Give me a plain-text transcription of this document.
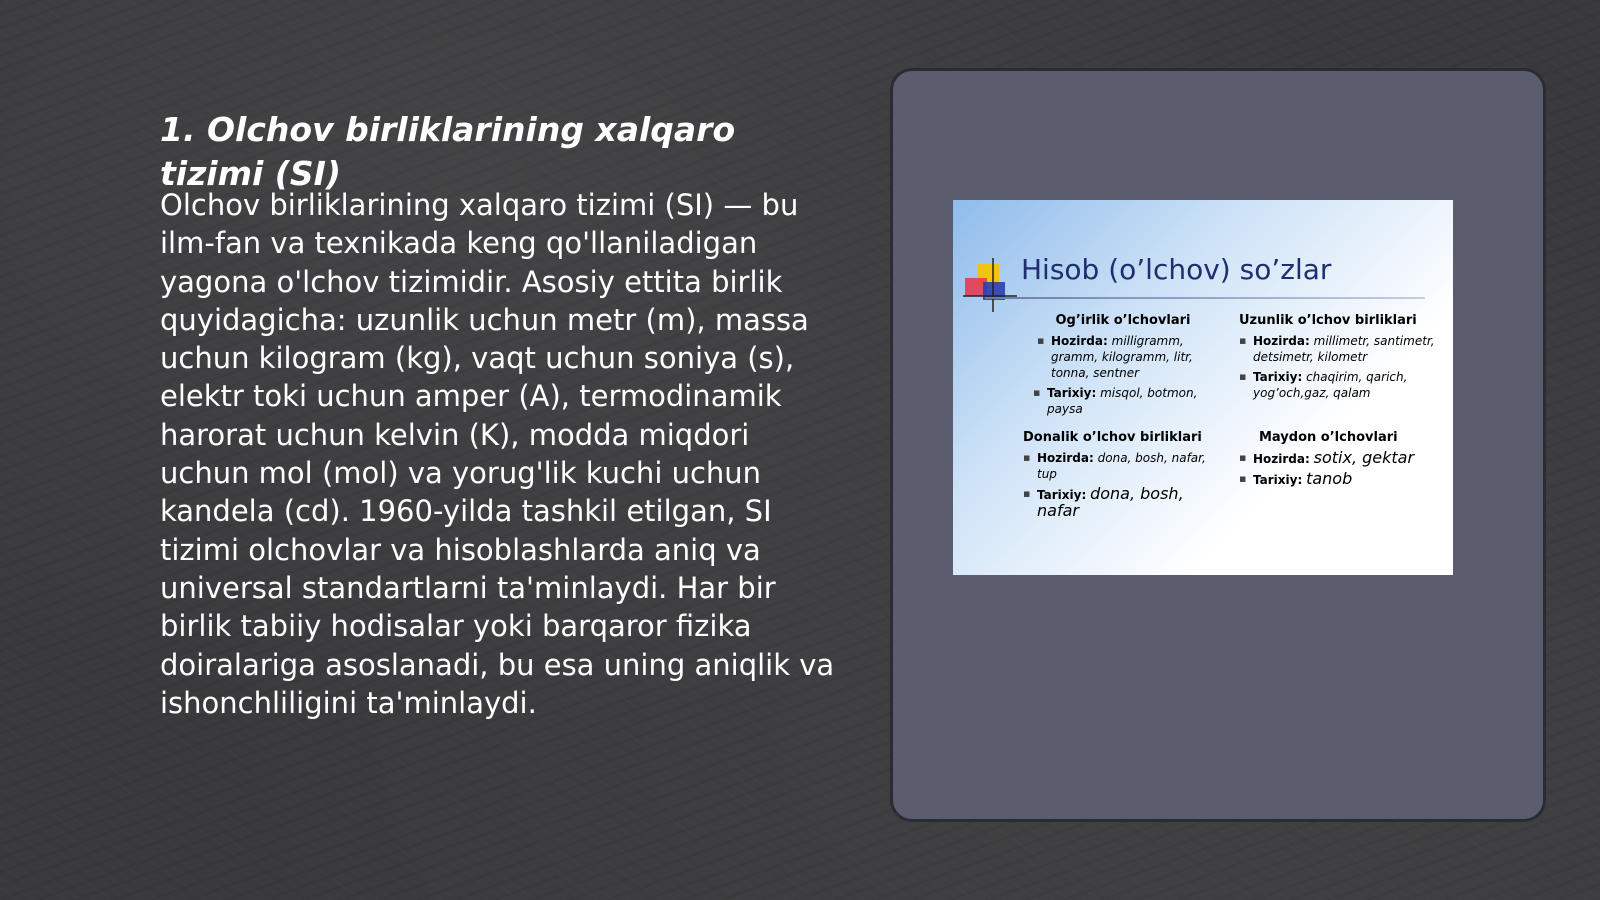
1. Olchov birliklarining xalqaro tizimi (SI)

Olchov birliklarining xalqaro tizimi (SI) — bu ilm-fan va texnikada keng qo'llaniladigan yagona o'lchov tizimidir. Asosiy ettita birlik quyidagicha: uzunlik uchun metr (m), massa uchun kilogram (kg), vaqt uchun soniya (s), elektr toki uchun amper (A), termodinamik harorat uchun kelvin (K), modda miqdori uchun mol (mol) va yorug'lik kuchi uchun kandela (cd). 1960-yilda tashkil etilgan, SI tizimi olchovlar va hisoblashlarda aniq va universal standartlarni ta'minlaydi. Har bir birlik tabiiy hodisalar yoki barqaror fizika doiralariga asoslanadi, bu esa uning aniqlik va ishonchliligini ta'minlaydi.

Hisob (o’lchov) so’zlar
Og’irlik o’lchovlari
▪ Hozirda: milligramm, gramm, kilogramm, litr, tonna, sentner
▪ Tarixiy: misqol, botmon, paysa
Uzunlik o’lchov birliklari
▪ Hozirda: millimetr, santimetr, detsimetr, kilometr
▪ Tarixiy: chaqirim, qarich, yog’och,gaz, qalam
Donalik o’lchov birliklari
▪ Hozirda: dona, bosh, nafar, tup
▪ Tarixiy: dona, bosh, nafar
Maydon o’lchovlari
▪ Hozirda: sotix, gektar
▪ Tarixiy: tanob
